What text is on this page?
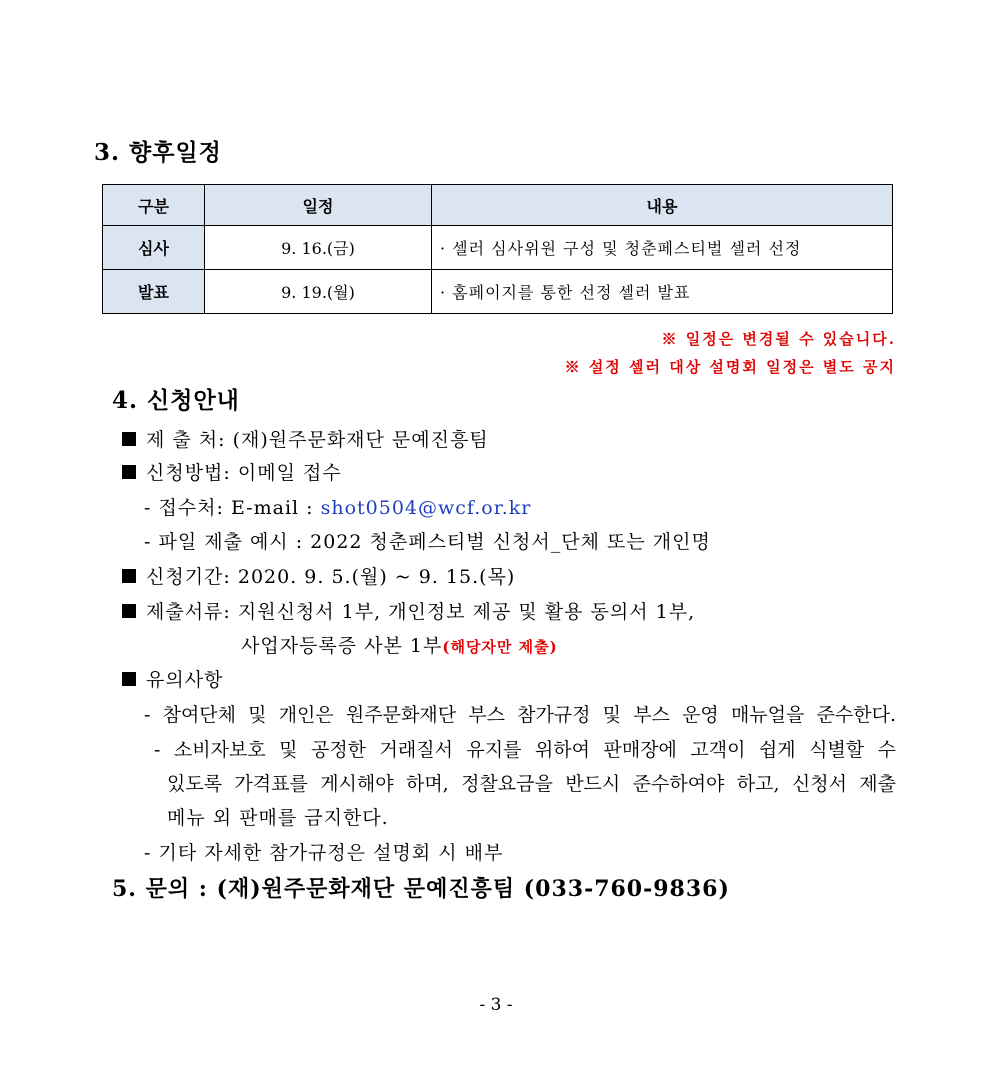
3. 향후일정
구분	일정	내용
심사	9. 16.(금)	· 셀러 심사위원 구성 및 청춘페스티벌 셀러 선정
발표	9. 19.(월)	· 홈페이지를 통한 선정 셀러 발표
※ 일정은 변경될 수 있습니다.
※ 설정 셀러 대상 설명회 일정은 별도 공지
4. 신청안내
제 출 처: (재)원주문화재단 문예진흥팀
신청방법: 이메일 접수
- 접수처: E-mail : shot0504@wcf.or.kr
- 파일 제출 예시 : 2022 청춘페스티벌 신청서_단체 또는 개인명
신청기간: 2020. 9. 5.(월) ~ 9. 15.(목)
제출서류: 지원신청서 1부, 개인정보 제공 및 활용 동의서 1부,
사업자등록증 사본 1부(해당자만 제출)
유의사항
- 참여단체 및 개인은 원주문화재단 부스 참가규정 및 부스 운영 매뉴얼을 준수한다.
- 소비자보호 및 공정한 거래질서 유지를 위하여 판매장에 고객이 쉽게 식별할 수
있도록 가격표를 게시해야 하며, 정찰요금을 반드시 준수하여야 하고, 신청서 제출
메뉴 외 판매를 금지한다.
- 기타 자세한 참가규정은 설명회 시 배부
5. 문의 : (재)원주문화재단 문예진흥팀 (033-760-9836)
- 3 -
